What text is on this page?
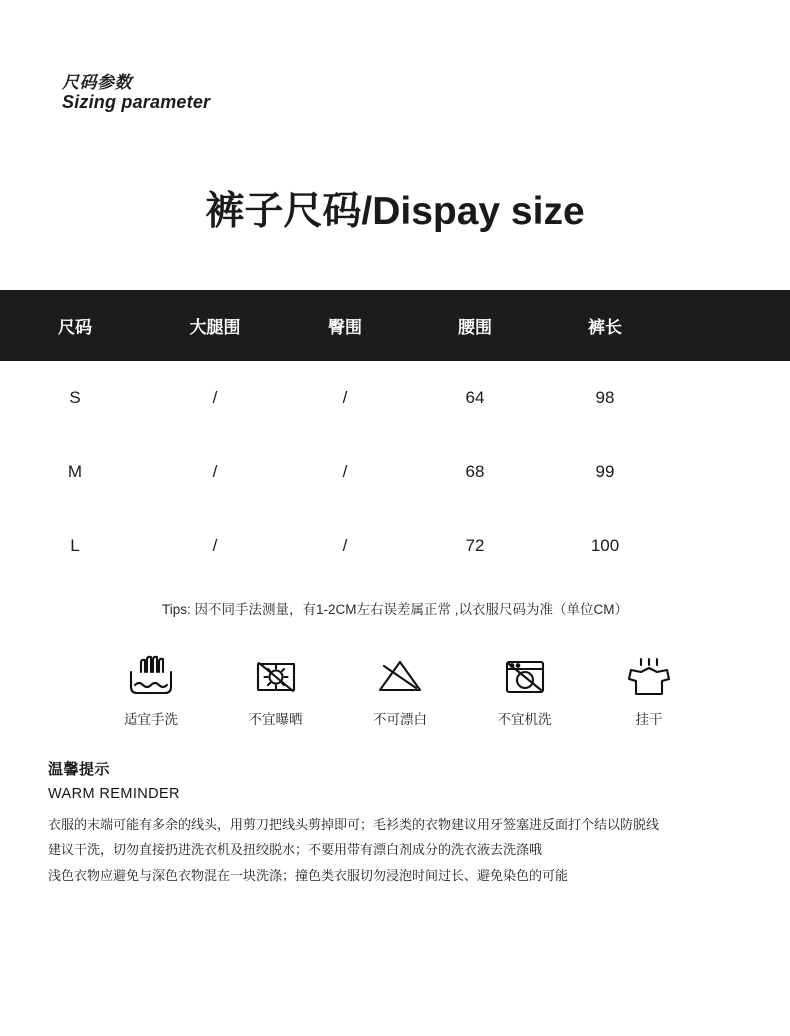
尺码参数
Sizing parameter
裤子尺码/Dispay size
尺码	大腿围	臀围	腰围	裤长	
S	/	/	64	98	
M	/	/	68	99	
L	/	/	72	100	
Tips: 因不同手法测量，有1-2CM左右误差属正常 ,以衣服尺码为准（单位CM）
适宜手洗	不宜曝晒	不可漂白	不宜机洗	挂干
温馨提示
WARM REMINDER
衣服的末端可能有多余的线头，用剪刀把线头剪掉即可；毛衫类的衣物建议用牙签塞进反面打个结以防脱线
建议干洗，切勿直接扔进洗衣机及扭绞脱水；不要用带有漂白剂成分的洗衣液去洗涤哦
浅色衣物应避免与深色衣物混在一块洗涤；撞色类衣服切勿浸泡时间过长、避免染色的可能
